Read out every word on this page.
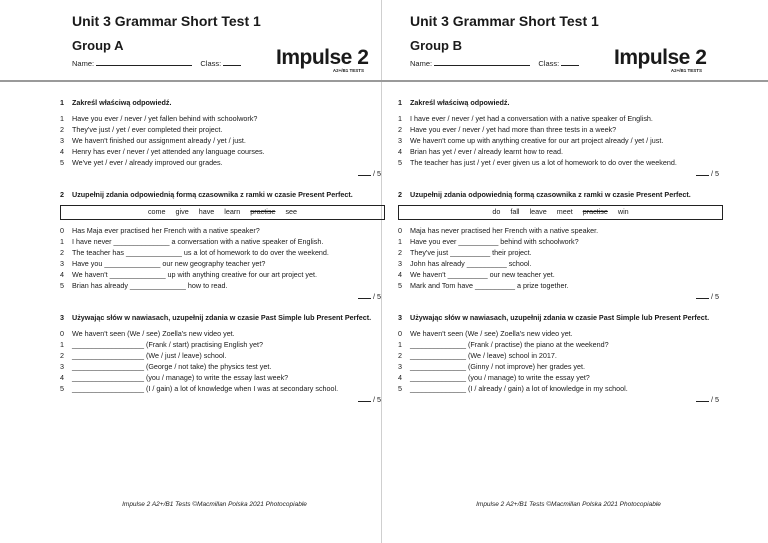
Unit 3 Grammar Short Test 1
Group A
Name:	Class:	Impulse 2
A2+/B1 TESTS
1	Zakreśl właściwą odpowiedź.
1	Have you ever / never / yet fallen behind with schoolwork?
2	They've just / yet / ever completed their project.
3	We haven't finished our assignment already / yet / just.
4	Henry has ever / never / yet attended any language courses.
5	We've yet / ever / already improved our grades.
/ 5
2	Uzupełnij zdania odpowiednią formą czasownika z ramki w czasie Present Perfect.
come give have learn practise see
0	Has Maja ever practised her French with a native speaker?
1	I have never ______________ a conversation with a native speaker of English.
2	The teacher has ______________ us a lot of homework to do over the weekend.
3	Have you ______________ our new geography teacher yet?
4	We haven't ______________ up with anything creative for our art project yet.
5	Brian has already ______________ how to read.
/ 5
3	Używając słów w nawiasach, uzupełnij zdania w czasie Past Simple lub Present Perfect.
0	We haven't seen (We / see) Zoella's new video yet.
1	__________________ (Frank / start) practising English yet?
2	__________________ (We / just / leave) school.
3	__________________ (George / not take) the physics test yet.
4	__________________ (you / manage) to write the essay last week?
5	__________________ (I / gain) a lot of knowledge when I was at secondary school.
/ 5
Impulse 2 A2+/B1 Tests ©Macmillan Polska 2021 Photocopiable
Unit 3 Grammar Short Test 1
Group B
Name:	Class:	Impulse 2
A2+/B1 TESTS
1	Zakreśl właściwą odpowiedź.
1	I have ever / never / yet had a conversation with a native speaker of English.
2	Have you ever / never / yet had more than three tests in a week?
3	We haven't come up with anything creative for our art project already / yet / just.
4	Brian has yet / ever / already learnt how to read.
5	The teacher has just / yet / ever given us a lot of homework to do over the weekend.
/ 5
2	Uzupełnij zdania odpowiednią formą czasownika z ramki w czasie Present Perfect.
do fall leave meet practise win
0	Maja has never practised her French with a native speaker.
1	Have you ever __________ behind with schoolwork?
2	They've just __________ their project.
3	John has already __________ school.
4	We haven't __________ our new teacher yet.
5	Mark and Tom have __________ a prize together.
/ 5
3	Używając słów w nawiasach, uzupełnij zdania w czasie Past Simple lub Present Perfect.
0	We haven't seen (We / see) Zoella's new video yet.
1	______________ (Frank / practise) the piano at the weekend?
2	______________ (We / leave) school in 2017.
3	______________ (Ginny / not improve) her grades yet.
4	______________ (you / manage) to write the essay yet?
5	______________ (I / already / gain) a lot of knowledge in my school.
/ 5
Impulse 2 A2+/B1 Tests ©Macmillan Polska 2021 Photocopiable
